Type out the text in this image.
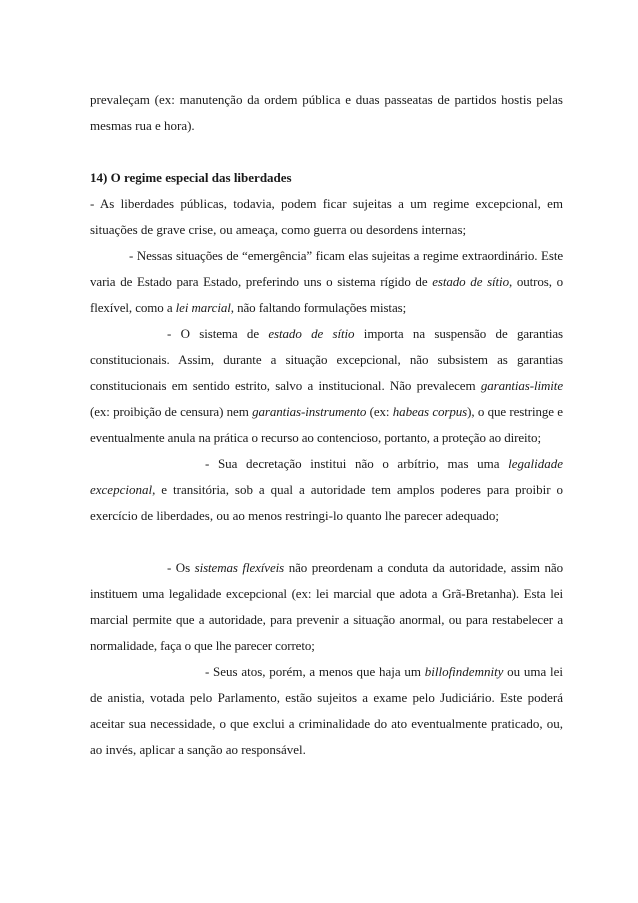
prevaleçam (ex: manutenção da ordem pública e duas passeatas de partidos hostis pelas mesmas rua e hora).

14) O regime especial das liberdades

- As liberdades públicas, todavia, podem ficar sujeitas a um regime excepcional, em situações de grave crise, ou ameaça, como guerra ou desordens internas;

- Nessas situações de “emergência” ficam elas sujeitas a regime extraordinário. Este varia de Estado para Estado, preferindo uns o sistema rígido de estado de sítio, outros, o flexível, como a lei marcial, não faltando formulações mistas;

- O sistema de estado de sítio importa na suspensão de garantias constitucionais. Assim, durante a situação excepcional, não subsistem as garantias constitucionais em sentido estrito, salvo a institucional. Não prevalecem garantias-limite (ex: proibição de censura) nem garantias-instrumento (ex: habeas corpus), o que restringe e eventualmente anula na prática o recurso ao contencioso, portanto, a proteção ao direito;

- Sua decretação institui não o arbítrio, mas uma legalidade excepcional, e transitória, sob a qual a autoridade tem amplos poderes para proibir o exercício de liberdades, ou ao menos restringi-lo quanto lhe parecer adequado;

- Os sistemas flexíveis não preordenam a conduta da autoridade, assim não instituem uma legalidade excepcional (ex: lei marcial que adota a Grã-Bretanha). Esta lei marcial permite que a autoridade, para prevenir a situação anormal, ou para restabelecer a normalidade, faça o que lhe parecer correto;

- Seus atos, porém, a menos que haja um billofindemnity ou uma lei de anistia, votada pelo Parlamento, estão sujeitos a exame pelo Judiciário. Este poderá aceitar sua necessidade, o que exclui a criminalidade do ato eventualmente praticado, ou, ao invés, aplicar a sanção ao responsável.
